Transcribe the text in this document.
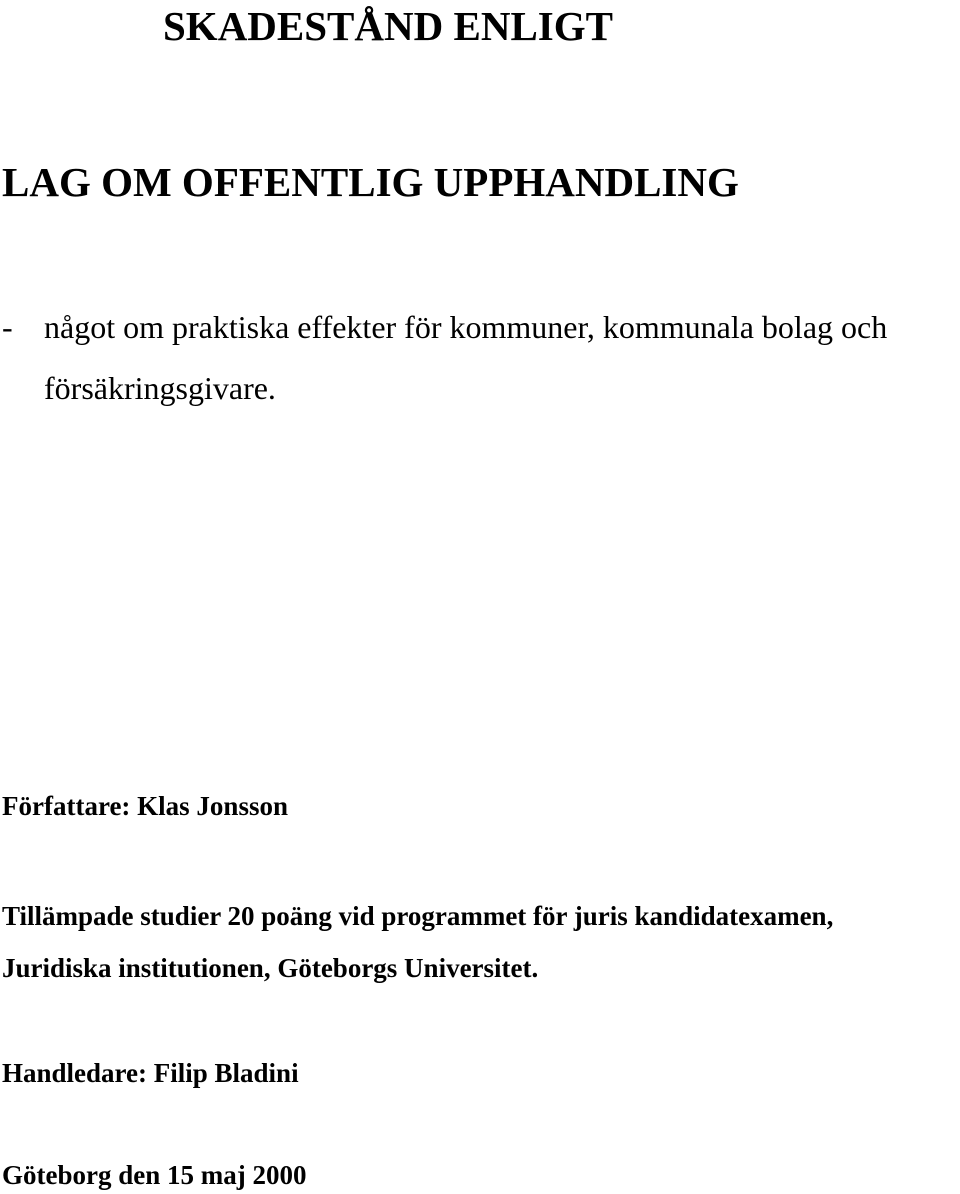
SKADESTÅND ENLIGT
LAG OM OFFENTLIG UPPHANDLING
- något om praktiska effekter för kommuner, kommunala bolag och
försäkringsgivare.
Författare: Klas Jonsson
Tillämpade studier 20 poäng vid programmet för juris kandidatexamen,
Juridiska institutionen, Göteborgs Universitet.
Handledare: Filip Bladini
Göteborg den 15 maj 2000
